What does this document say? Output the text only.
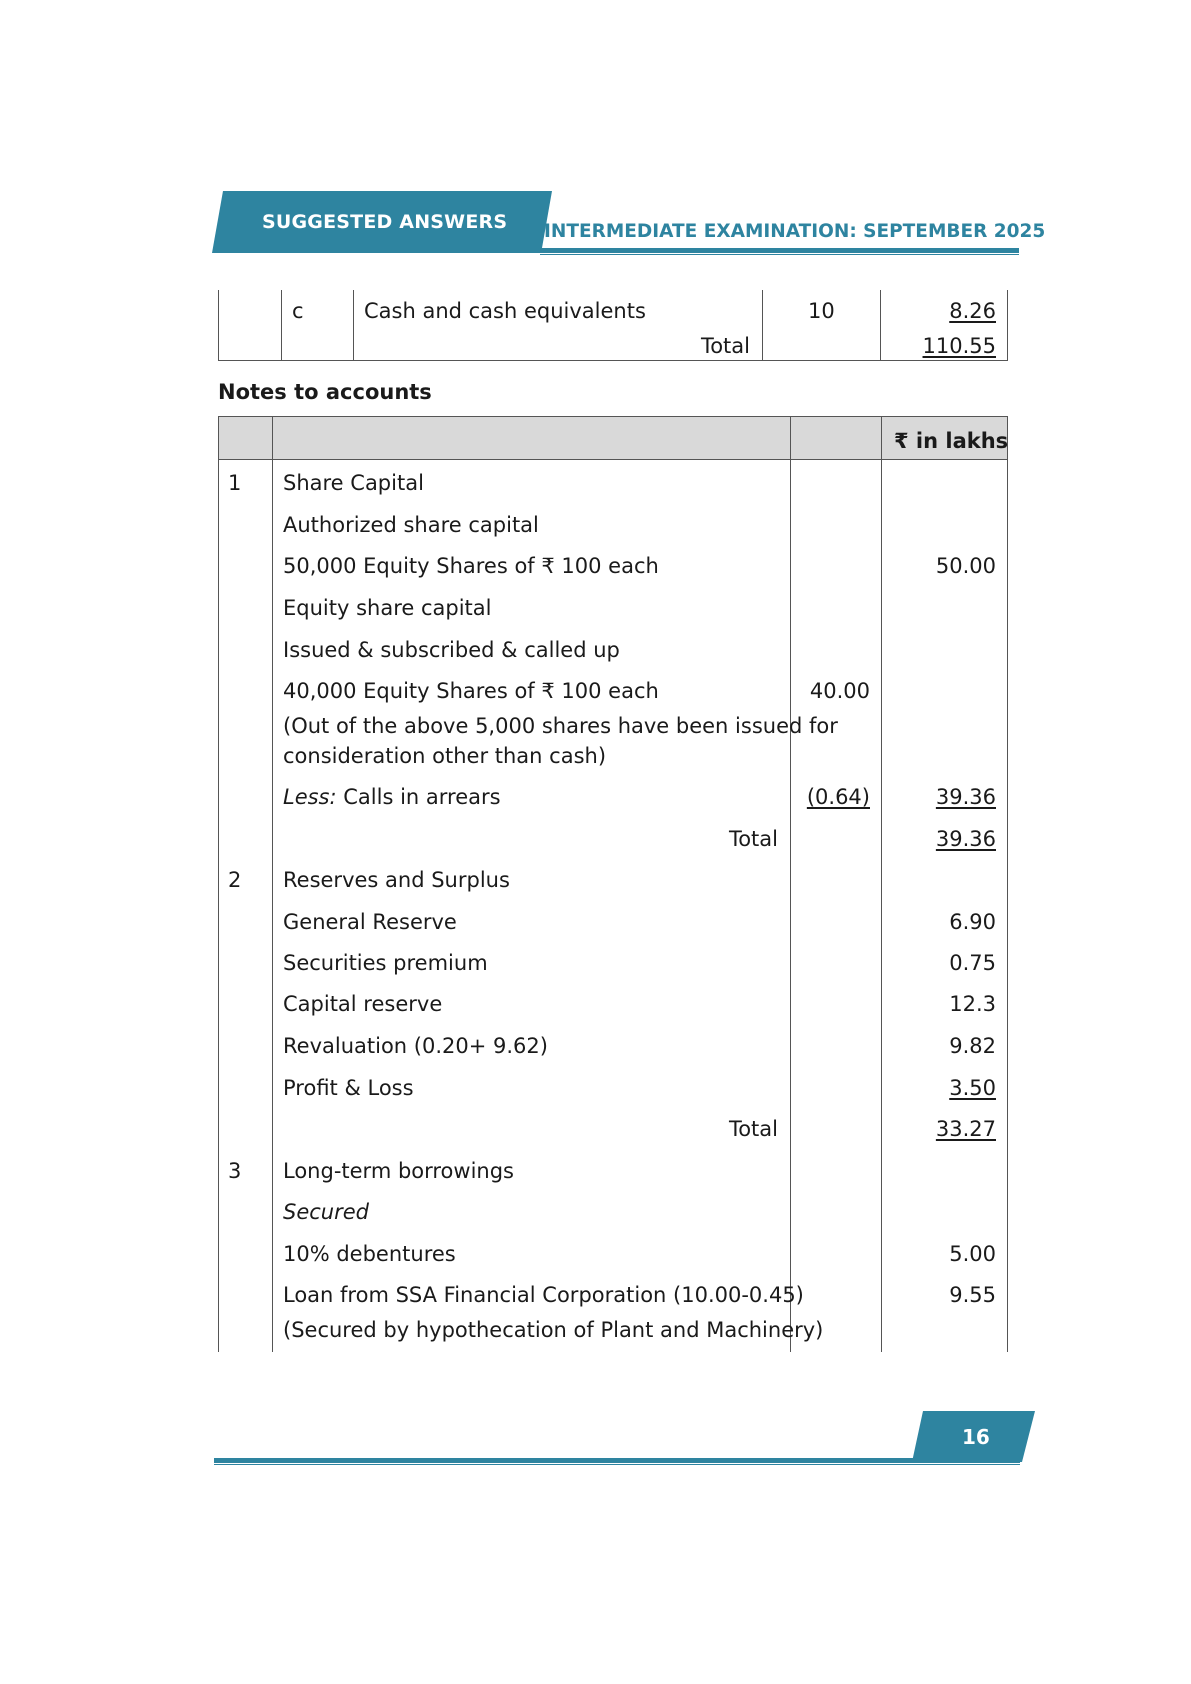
SUGGESTED ANSWERS INTERMEDIATE EXAMINATION: SEPTEMBER 2025
c	Cash and cash equivalents	10	8.26
Total	110.55
Notes to accounts
₹ in lakhs
1 Share Capital
Authorized share capital
50,000 Equity Shares of ₹ 100 each	50.00
Equity share capital
Issued & subscribed & called up
40,000 Equity Shares of ₹ 100 each	40.00
(Out of the above 5,000 shares have been issued for
consideration other than cash)
Less: Calls in arrears	(0.64)	39.36
Total	39.36
2 Reserves and Surplus
General Reserve	6.90
Securities premium	0.75
Capital reserve	12.3
Revaluation (0.20+ 9.62)	9.82
Profit & Loss	3.50
Total	33.27
3 Long-term borrowings
Secured
10% debentures	5.00
Loan from SSA Financial Corporation (10.00-0.45)	9.55
(Secured by hypothecation of Plant and Machinery)
16
